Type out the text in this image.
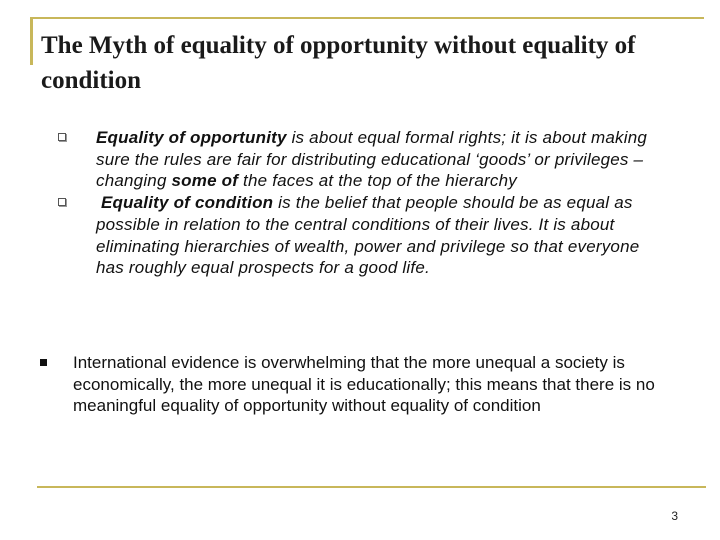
The Myth of equality of opportunity without equality of condition

Equality of opportunity is about equal formal rights; it is about making sure the rules are fair for distributing educational ‘goods’ or privileges – changing some of the faces at the top of the hierarchy

Equality of condition is the belief that people should be as equal as possible in relation to the central conditions of their lives. It is about eliminating hierarchies of wealth, power and privilege so that everyone has roughly equal prospects for a good life.

International evidence is overwhelming that the more unequal a society is economically, the more unequal it is educationally; this means that there is no meaningful equality of opportunity without equality of condition

3
